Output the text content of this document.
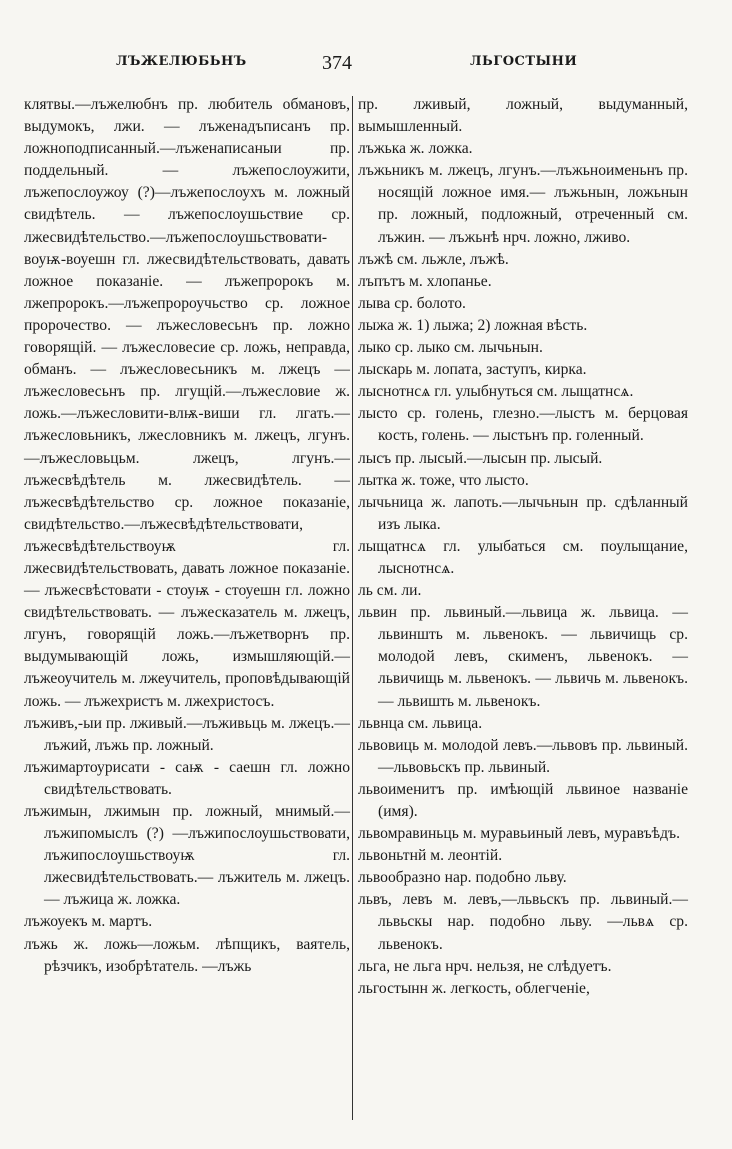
ЛЪЖЕЛЮБЬНЪ	374	ЛЬГОСТЫНИ

клятвы.—лъжелюбнъ пр. любитель обмановъ, выдумокъ, лжи. — лъженадъписанъ пр. ложноподписанный.—лъженаписаныи пр. поддельный. — лъжепослоужити, лъжепослоужоу (?)—лъжепослоухъ м. ложный свидѣтель. — лъжепослоушьствие ср. лжесвидѣтельство.—лъжепослоушьствовати-воуѭ-воуешн гл. лжесвидѣтельствовать, давать ложное показаніе. — лъжепророкъ м. лжепророкъ.—лъжепророучьство ср. ложное пророчество. — лъжесловесьнъ пр. ложно говорящій. — лъжесловесие ср. ложь, неправда, обманъ. — лъжесловесьникъ м. лжецъ — лъжесловесьнъ пр. лгущій.—лъжесловие ж. ложь.—лъжесловити-влѭ-виши гл. лгать.—лъжесловьникъ, лжесловникъ м. лжецъ, лгунъ.—лъжесловьцьм. лжецъ, лгунъ.—лъжесвѣдѣтель м. лжесвидѣтель. — лъжесвѣдѣтельство ср. ложное показаніе, свидѣтельство.—лъжесвѣдѣтельствовати, лъжесвѣдѣтельствоуѭ гл. лжесвидѣтельствовать, давать ложное показаніе. — лъжесвѣстовати - стоуѭ - стоуешн гл. ложно свидѣтельствовать. — лъжесказатель м. лжецъ, лгунъ, говорящій ложь.—лъжетворнъ пр. выдумывающій ложь, измышляющій.—лъжеоучитель м. лжеучитель, проповѣдывающій ложь. — лъжехристъ м. лжехристосъ.

лъживъ,-ыи пр. лживый.—лъживьць м. лжецъ.—лъжий, лъжь пр. ложный.

лъжимартоурисати - саѭ - саешн гл. ложно свидѣтельствовать.

лъжимын, лжимын пр. ложный, мнимый.—лъжипомыслъ (?) —лъжипослоушьствовати, лъжипослоушьствоуѭ гл. лжесвидѣтельствовать.— лъжитель м. лжецъ. — лъжица ж. ложка.

лъжоуекъ м. мартъ.

лъжь ж. ложь—ложьм. лѣпщикъ, ваятель, рѣзчикъ, изобрѣтатель. —лъжь

пр. лживый, ложный, выдуманный, вымышленный.

лъжька ж. ложка.

лъжьникъ м. лжецъ, лгунъ.—лъжьноименьнъ пр. носящій ложное имя.— лъжьнын, ложьнын пр. ложный, подложный, отреченный см. лъжин. — лъжьнѣ нрч. ложно, лживо.

лъжѣ см. льжле, лъжѣ.

лъпътъ м. хлопанье.

лыва ср. болото.

лыжа ж. 1) лыжа; 2) ложная вѣсть.

лыко ср. лыко см. лычьнын.

лыскарь м. лопата, заступъ, кирка.

лыснотнсѧ гл. улыбнуться см. лыщатнсѧ.

лысто ср. голень, глезно.—лыстъ м. берцовая кость, голень. — лыстьнъ пр. голенный.

лысъ пр. лысый.—лысын пр. лысый.

лытка ж. тоже, что лысто.

лычьница ж. лапоть.—лычьнын пр. сдѣланный изъ лыка.

лыщатнсѧ гл. улыбаться см. поулыщание, лыснотнсѧ.

ль см. ли.

львин пр. львиный.—львица ж. львица. — львиншть м. львенокъ. — львичищь ср. молодой левъ, скименъ, львенокъ. — львичищь м. львенокъ. — львичь м. львенокъ. — львишть м. львенокъ.

львнца см. львица.

львовиць м. молодой левъ.—львовъ пр. львиный.—львовьскъ пр. львиный.

львоименитъ пр. имѣющій львиное названіе (имя).

львомравиньць м. муравьиный левъ, муравъѣдъ.

львоньтнй м. леонтій.

львообразно нар. подобно льву.

львъ, левъ м. левъ,—львьскъ пр. львиный.—львьскы нар. подобно льву. —львѧ ср. львенокъ.

льга, не льга нрч. нельзя, не слѣдуетъ.

льгостынн ж. легкость, облегченіе,
